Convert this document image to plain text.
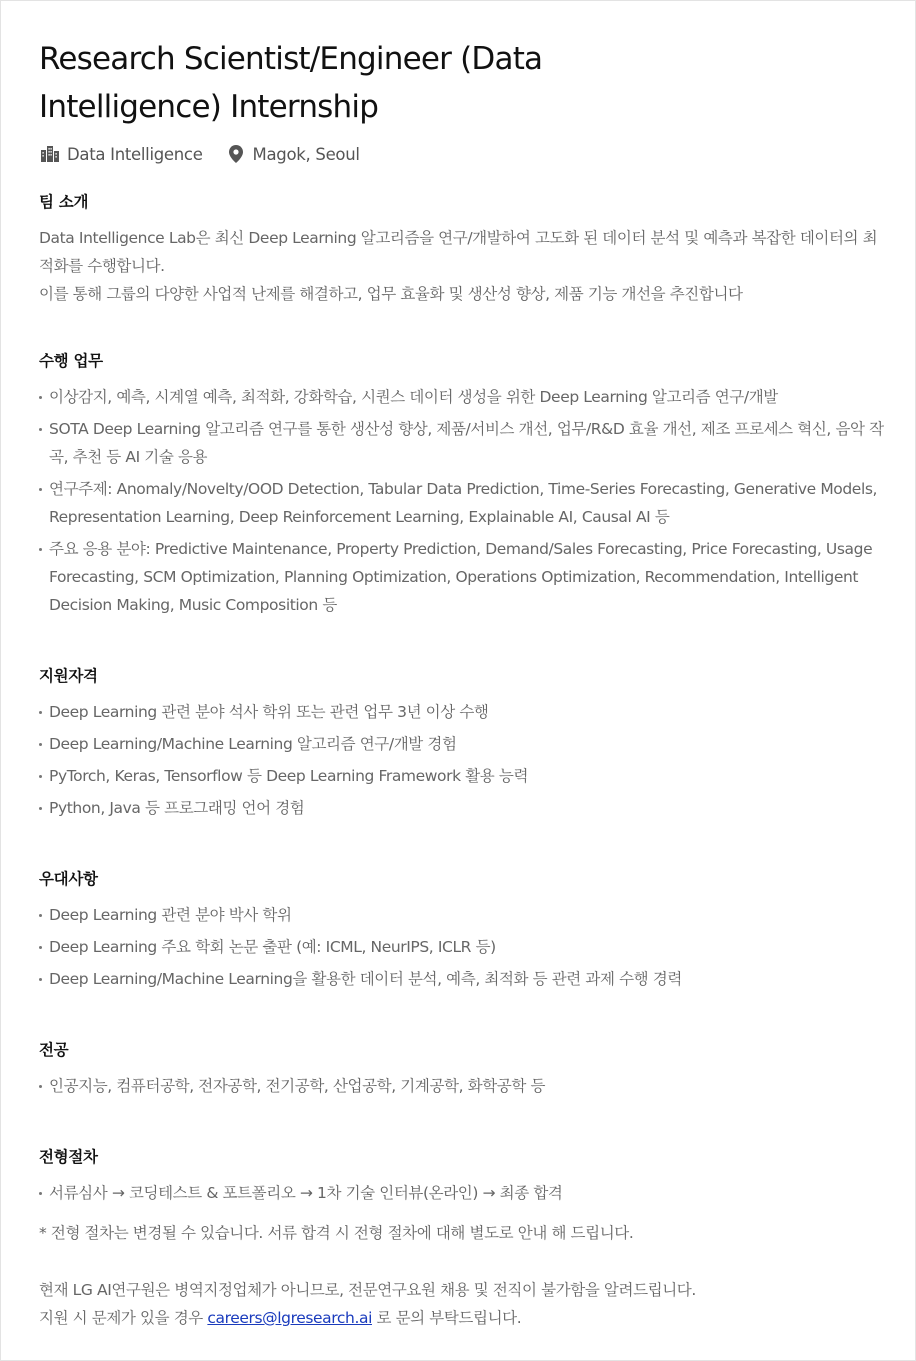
Research Scientist/Engineer (Data Intelligence) Internship
Data Intelligence	Magok, Seoul
팀 소개

Data Intelligence Lab은 최신 Deep Learning 알고리즘을 연구/개발하여 고도화 된 데이터 분석 및 예측과 복잡한 데이터의 최적화를 수행합니다.

이를 통해 그룹의 다양한 사업적 난제를 해결하고, 업무 효율화 및 생산성 향상, 제품 기능 개선을 추진합니다

수행 업무
이상감지, 예측, 시계열 예측, 최적화, 강화학습, 시퀀스 데이터 생성을 위한 Deep Learning 알고리즘 연구/개발
SOTA Deep Learning 알고리즘 연구를 통한 생산성 향상, 제품/서비스 개선, 업무/R&D 효율 개선, 제조 프로세스 혁신, 음악 작곡, 추천 등 AI 기술 응용
연구주제: Anomaly/Novelty/OOD Detection, Tabular Data Prediction, Time-Series Forecasting, Generative Models, Representation Learning, Deep Reinforcement Learning, Explainable AI, Causal AI 등
주요 응용 분야: Predictive Maintenance, Property Prediction, Demand/Sales Forecasting, Price Forecasting, Usage Forecasting, SCM Optimization, Planning Optimization, Operations Optimization, Recommendation, Intelligent Decision Making, Music Composition 등
지원자격
Deep Learning 관련 분야 석사 학위 또는 관련 업무 3년 이상 수행
Deep Learning/Machine Learning 알고리즘 연구/개발 경험
PyTorch, Keras, Tensorflow 등 Deep Learning Framework 활용 능력
Python, Java 등 프로그래밍 언어 경험
우대사항
Deep Learning 관련 분야 박사 학위
Deep Learning 주요 학회 논문 출판 (예: ICML, NeurIPS, ICLR 등)
Deep Learning/Machine Learning을 활용한 데이터 분석, 예측, 최적화 등 관련 과제 수행 경력
전공
인공지능, 컴퓨터공학, 전자공학, 전기공학, 산업공학, 기계공학, 화학공학 등
전형절차
서류심사 → 코딩테스트 & 포트폴리오 → 1차 기술 인터뷰(온라인) → 최종 합격

* 전형 절차는 변경될 수 있습니다. 서류 합격 시 전형 절차에 대해 별도로 안내 해 드립니다.

현재 LG AI연구원은 병역지정업체가 아니므로, 전문연구요원 채용 및 전직이 불가함을 알려드립니다.

지원 시 문제가 있을 경우 careers@lgresearch.ai 로 문의 부탁드립니다.
